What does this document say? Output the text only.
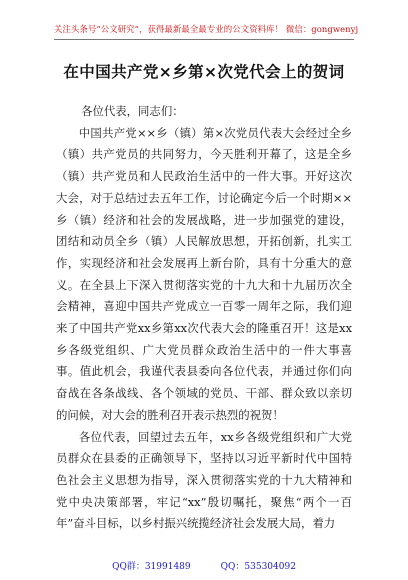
关注头条号“公文研究”，获得最新最全最专业的公文资料库！ 微信：gongwenyj
在中国共产党×乡第×次党代会上的贺词

各位代表，同志们：

中国共产党××乡（镇）第×次党员代表大会经过全乡（镇）共产党员的共同努力，今天胜利开幕了，这是全乡（镇）共产党员和人民政治生活中的一件大事。开好这次大会，对于总结过去五年工作，讨论确定今后一个时期××乡（镇）经济和社会的发展战略，进一步加强党的建设，团结和动员全乡（镇）人民解放思想，开拓创新，扎实工作，实现经济和社会发展再上新台阶，具有十分重大的意义。在全县上下深入贯彻落实党的十九大和十九届历次全会精神，喜迎中国共产党成立一百零一周年之际，我们迎来了中国共产党xx乡第xx次代表大会的隆重召开！这是xx乡各级党组织、广大党员群众政治生活中的一件大事喜事。值此机会，我谨代表县委向各位代表，并通过你们向奋战在各条战线、各个领域的党员、干部、群众致以亲切的问候，对大会的胜利召开表示热烈的祝贺！

各位代表，回望过去五年，xx乡各级党组织和广大党员群众在县委的正确领导下，坚持以习近平新时代中国特色社会主义思想为指导，深入贯彻落实党的十九大精神和党中央决策部署，牢记“xx”殷切嘱托，聚焦“两个一百年”奋斗目标，以乡村振兴统揽经济社会发展大局，着力

QQ群：31991489	QQ：535304092
